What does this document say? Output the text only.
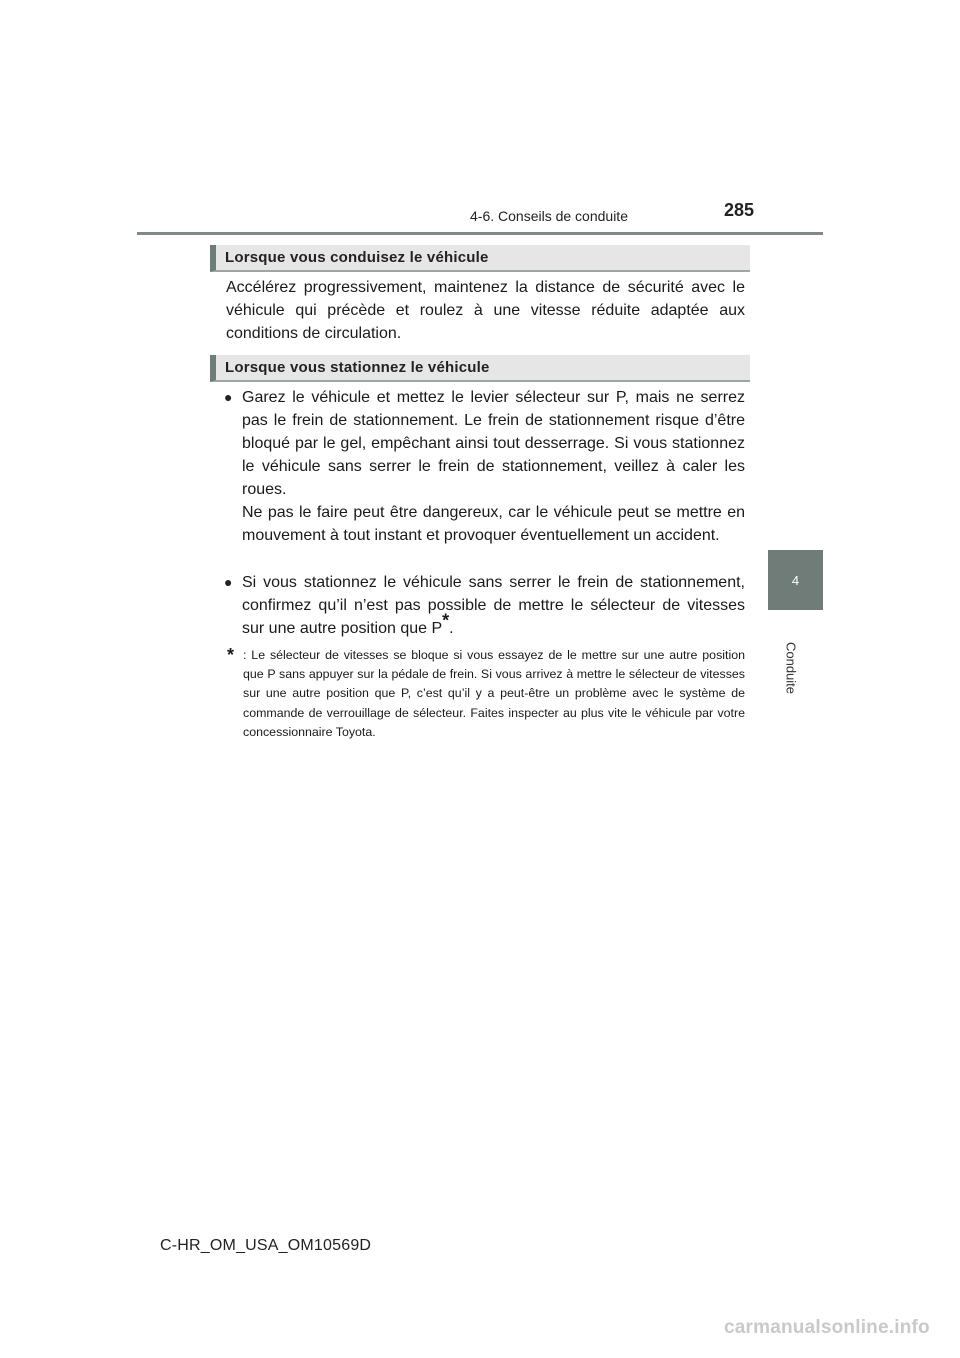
4-6. Conseils de conduite	285
4
Conduite
Lorsque vous conduisez le véhicule

Accélérez progressivement, maintenez la distance de sécurité avec le véhicule qui précède et roulez à une vitesse réduite adaptée aux conditions de circulation.

Lorsque vous stationnez le véhicule
● Garez le véhicule et mettez le levier sélecteur sur P, mais ne serrez pas le frein de stationnement. Le frein de stationnement risque d’être bloqué par le gel, empêchant ainsi tout desserrage. Si vous stationnez le véhicule sans serrer le frein de stationnement, veillez à caler les roues.

Ne pas le faire peut être dangereux, car le véhicule peut se mettre en mouvement à tout instant et provoquer éventuellement un accident.

● Si vous stationnez le véhicule sans serrer le frein de stationnement, confirmez qu’il n’est pas possible de mettre le sélecteur de vitesses sur une autre position que P*.
* : Le sélecteur de vitesses se bloque si vous essayez de le mettre sur une autre position que P sans appuyer sur la pédale de frein. Si vous arrivez à mettre le sélecteur de vitesses sur une autre position que P, c’est qu’il y a peut-être un problème avec le système de commande de verrouillage de sélecteur. Faites inspecter au plus vite le véhicule par votre concessionnaire Toyota.
C-HR_OM_USA_OM10569D
carmanualsonline.info
